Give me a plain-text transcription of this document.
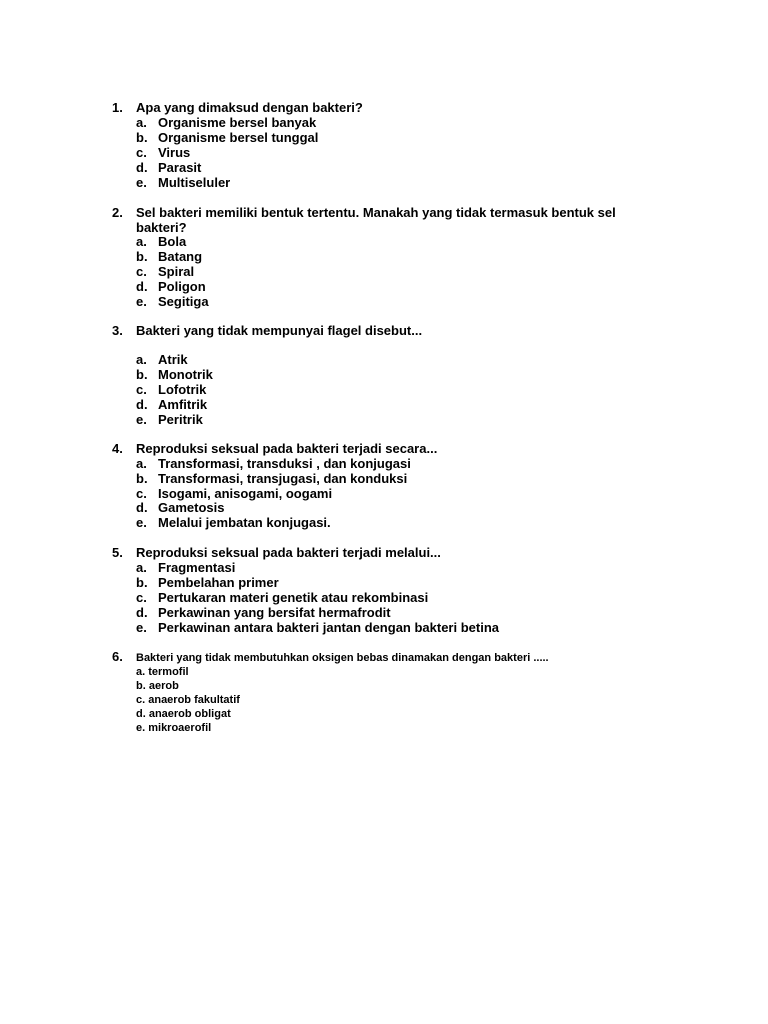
1.	Apa yang dimaksud dengan bakteri?
a. Organisme bersel banyak
b. Organisme bersel tunggal
c. Virus
d. Parasit
e. Multiseluler
2.	Sel bakteri memiliki bentuk tertentu. Manakah yang tidak termasuk bentuk sel
bakteri?
a. Bola
b. Batang
c. Spiral
d. Poligon
e. Segitiga
3.	Bakteri yang tidak mempunyai flagel disebut...
a. Atrik
b. Monotrik
c. Lofotrik
d. Amfitrik
e. Peritrik
4.	Reproduksi seksual pada bakteri terjadi secara...
a. Transformasi, transduksi , dan konjugasi
b. Transformasi, transjugasi, dan konduksi
c. Isogami, anisogami, oogami
d. Gametosis
e. Melalui jembatan konjugasi.
5.	Reproduksi seksual pada bakteri terjadi melalui...
a. Fragmentasi
b. Pembelahan primer
c. Pertukaran materi genetik atau rekombinasi
d. Perkawinan yang bersifat hermafrodit
e. Perkawinan antara bakteri jantan dengan bakteri betina
6.	Bakteri yang tidak membutuhkan oksigen bebas dinamakan dengan bakteri .....
a. termofil
b. aerob
c. anaerob fakultatif
d. anaerob obligat
e. mikroaerofil
